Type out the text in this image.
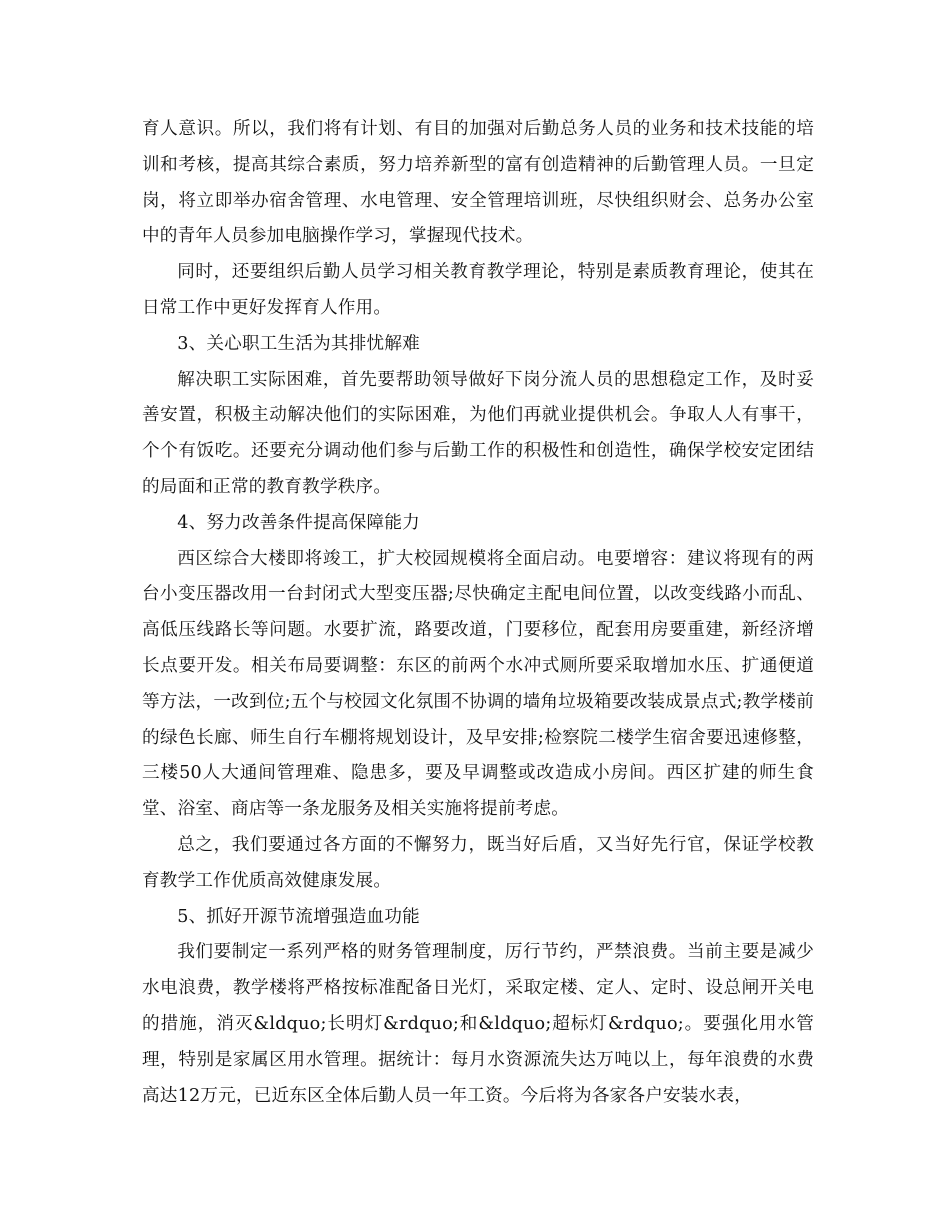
育人意识。所以，我们将有计划、有目的加强对后勤总务人员的业务和技术技能的培训和考核，提高其综合素质，努力培养新型的富有创造精神的后勤管理人员。一旦定岗，将立即举办宿舍管理、水电管理、安全管理培训班，尽快组织财会、总务办公室中的青年人员参加电脑操作学习，掌握现代技术。

同时，还要组织后勤人员学习相关教育教学理论，特别是素质教育理论，使其在日常工作中更好发挥育人作用。

3、关心职工生活为其排忧解难

解决职工实际困难，首先要帮助领导做好下岗分流人员的思想稳定工作，及时妥善安置，积极主动解决他们的实际困难，为他们再就业提供机会。争取人人有事干，个个有饭吃。还要充分调动他们参与后勤工作的积极性和创造性，确保学校安定团结的局面和正常的教育教学秩序。

4、努力改善条件提高保障能力

西区综合大楼即将竣工，扩大校园规模将全面启动。电要增容：建议将现有的两台小变压器改用一台封闭式大型变压器;尽快确定主配电间位置，以改变线路小而乱、高低压线路长等问题。水要扩流，路要改道，门要移位，配套用房要重建，新经济增长点要开发。相关布局要调整：东区的前两个水冲式厕所要采取增加水压、扩通便道等方法，一改到位;五个与校园文化氛围不协调的墙角垃圾箱要改装成景点式;教学楼前的绿色长廊、师生自行车棚将规划设计，及早安排;检察院二楼学生宿舍要迅速修整，三楼50人大通间管理难、隐患多，要及早调整或改造成小房间。西区扩建的师生食堂、浴室、商店等一条龙服务及相关实施将提前考虑。

总之，我们要通过各方面的不懈努力，既当好后盾，又当好先行官，保证学校教育教学工作优质高效健康发展。

5、抓好开源节流增强造血功能

我们要制定一系列严格的财务管理制度，厉行节约，严禁浪费。当前主要是减少水电浪费，教学楼将严格按标准配备日光灯，采取定楼、定人、定时、设总闸开关电的措施，消灭&ldquo;长明灯&rdquo;和&ldquo;超标灯&rdquo;。要强化用水管理，特别是家属区用水管理。据统计：每月水资源流失达万吨以上，每年浪费的水费高达12万元，已近东区全体后勤人员一年工资。今后将为各家各户安装水表，
